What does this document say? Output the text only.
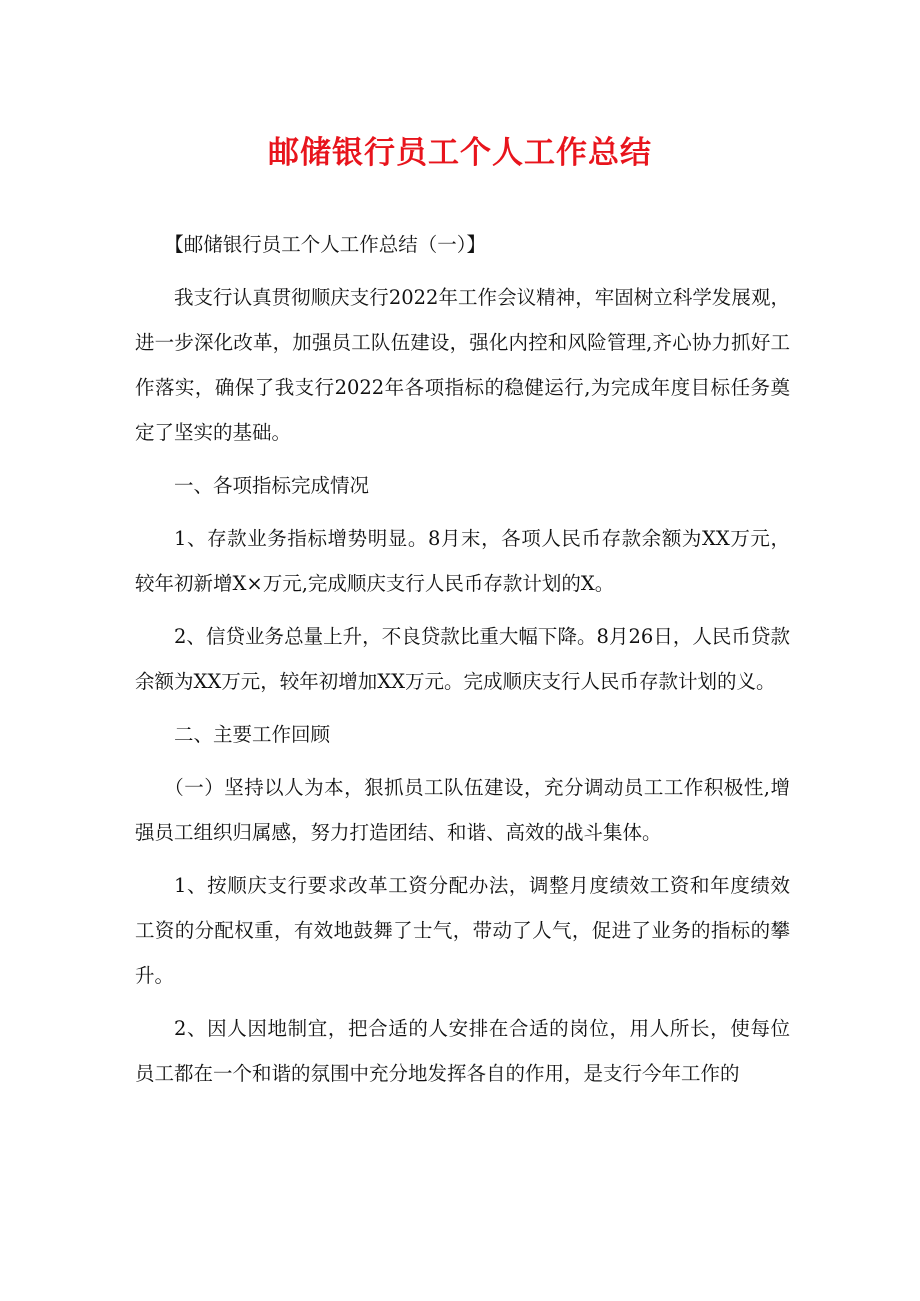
邮储银行员工个人工作总结

【邮储银行员工个人工作总结（一）】

我支行认真贯彻顺庆支行2022年工作会议精神，牢固树立科学发展观，进一步深化改革，加强员工队伍建设，强化内控和风险管理,齐心协力抓好工作落实，确保了我支行2022年各项指标的稳健运行,为完成年度目标任务奠定了坚实的基础。

一、各项指标完成情况

1、存款业务指标增势明显。8月末，各项人民币存款余额为XX万元，较年初新增X×万元,完成顺庆支行人民币存款计划的X。

2、信贷业务总量上升，不良贷款比重大幅下降。8月26日，人民币贷款余额为XX万元，较年初增加XX万元。完成顺庆支行人民币存款计划的义。

二、主要工作回顾

（一）坚持以人为本，狠抓员工队伍建设，充分调动员工工作积极性,增强员工组织归属感，努力打造团结、和谐、高效的战斗集体。

1、按顺庆支行要求改革工资分配办法，调整月度绩效工资和年度绩效工资的分配权重，有效地鼓舞了士气，带动了人气，促进了业务的指标的攀升。

2、因人因地制宜，把合适的人安排在合适的岗位，用人所长，使每位员工都在一个和谐的氛围中充分地发挥各自的作用，是支行今年工作的
